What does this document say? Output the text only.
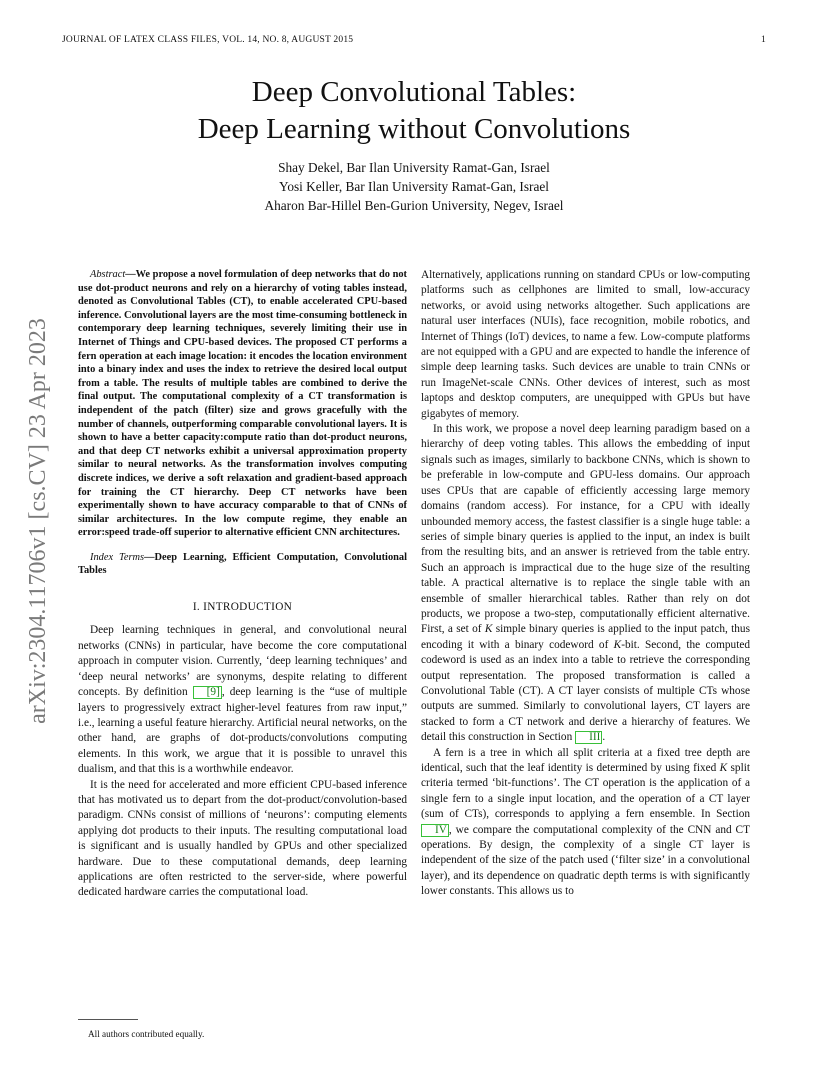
JOURNAL OF LATEX CLASS FILES, VOL. 14, NO. 8, AUGUST 2015	1
Deep Convolutional Tables:
Deep Learning without Convolutions
Shay Dekel, Bar Ilan University Ramat-Gan, Israel
Yosi Keller, Bar Ilan University Ramat-Gan, Israel
Aharon Bar-Hillel Ben-Gurion University, Negev, Israel
arXiv:2304.11706v1 [cs.CV] 23 Apr 2023

Abstract—We propose a novel formulation of deep networks that do not use dot-product neurons and rely on a hierarchy of voting tables instead, denoted as Convolutional Tables (CT), to enable accelerated CPU-based inference. Convolutional layers are the most time-consuming bottleneck in contemporary deep learning techniques, severely limiting their use in Internet of Things and CPU-based devices. The proposed CT performs a fern operation at each image location: it encodes the location environment into a binary index and uses the index to retrieve the desired local output from a table. The results of multiple tables are combined to derive the final output. The computational complexity of a CT transformation is independent of the patch (filter) size and grows gracefully with the number of channels, outperforming comparable convolutional layers. It is shown to have a better capacity:compute ratio than dot-product neurons, and that deep CT networks exhibit a universal approximation property similar to neural networks. As the transformation involves computing discrete indices, we derive a soft relaxation and gradient-based approach for training the CT hierarchy. Deep CT networks have been experimentally shown to have accuracy comparable to that of CNNs of similar architectures. In the low compute regime, they enable an error:speed trade-off superior to alternative efficient CNN architectures.

Index Terms—Deep Learning, Efficient Computation, Convolutional Tables

I. INTRODUCTION

Deep learning techniques in general, and convolutional neural networks (CNNs) in particular, have become the core computational approach in computer vision. Currently, ‘deep learning techniques’ and ‘deep neural networks’ are synonyms, despite relating to different concepts. By definition [9] , deep learning is the “use of multiple layers to progressively extract higher-level features from raw input,” i.e., learning a useful feature hierarchy. Artificial neural networks, on the other hand, are graphs of dot-products/convolutions computing elements. In this work, we argue that it is possible to unravel this dualism, and that this is a worthwhile endeavor.

It is the need for accelerated and more efficient CPU-based inference that has motivated us to depart from the dot-product/convolution-based paradigm. CNNs consist of millions of ‘neurons’: computing elements applying dot products to their inputs. The resulting computational load is significant and is usually handled by GPUs and other specialized hardware. Due to these computational demands, deep learning applications are often restricted to the server-side, where powerful dedicated hardware carries the computational load.

Alternatively, applications running on standard CPUs or low-computing platforms such as cellphones are limited to small, low-accuracy networks, or avoid using networks altogether. Such applications are natural user interfaces (NUIs), face recognition, mobile robotics, and Internet of Things (IoT) devices, to name a few. Low-compute platforms are not equipped with a GPU and are expected to handle the inference of simple deep learning tasks. Such devices are unable to train CNNs or run ImageNet-scale CNNs. Other devices of interest, such as most laptops and desktop computers, are unequipped with GPUs but have gigabytes of memory.

In this work, we propose a novel deep learning paradigm based on a hierarchy of deep voting tables. This allows the embedding of input signals such as images, similarly to backbone CNNs, which is shown to be preferable in low-compute and GPU-less domains. Our approach uses CPUs that are capable of efficiently accessing large memory domains (random access). For instance, for a CPU with ideally unbounded memory access, the fastest classifier is a single huge table: a series of simple binary queries is applied to the input, an index is built from the resulting bits, and an answer is retrieved from the table entry. Such an approach is impractical due to the huge size of the resulting table. A practical alternative is to replace the single table with an ensemble of smaller hierarchical tables. Rather than rely on dot products, we propose a two-step, computationally efficient alternative. First, a set of K simple binary queries is applied to the input patch, thus encoding it with a binary codeword of K-bit. Second, the computed codeword is used as an index into a table to retrieve the corresponding output representation. The proposed transformation is called a Convolutional Table (CT). A CT layer consists of multiple CTs whose outputs are summed. Similarly to convolutional layers, CT layers are stacked to form a CT network and derive a hierarchy of features. We detail this construction in Section III .

A fern is a tree in which all split criteria at a fixed tree depth are identical, such that the leaf identity is determined by using fixed K split criteria termed ‘bit-functions’. The CT operation is the application of a single fern to a single input location, and the operation of a CT layer (sum of CTs), corresponds to applying a fern ensemble. In Section IV , we compare the computational complexity of the CNN and CT operations. By design, the complexity of a single CT layer is independent of the size of the patch used (‘filter size’ in a convolutional layer), and its dependence on quadratic depth terms is with significantly lower constants. This allows us to

All authors contributed equally.
